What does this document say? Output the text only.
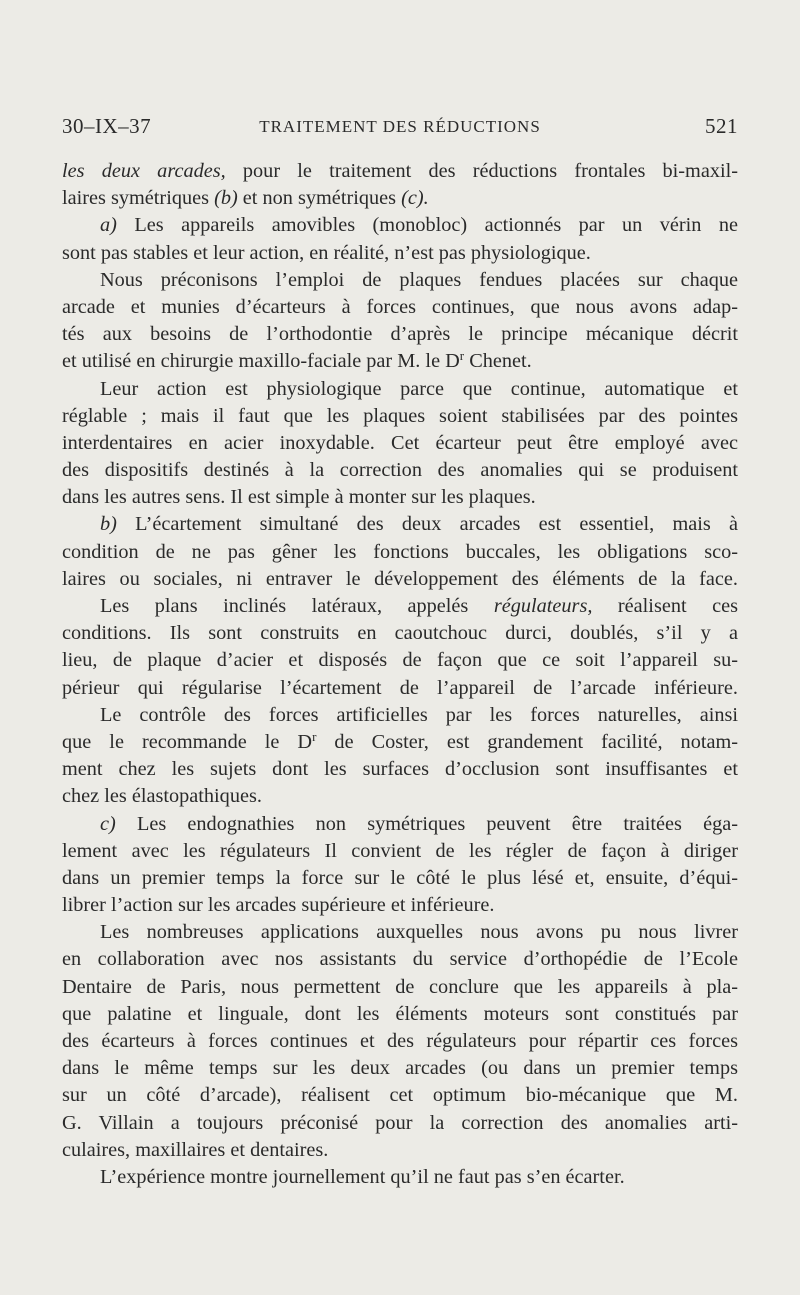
30–IX–37	TRAITEMENT DES RÉDUCTIONS	521
les deux arcades, pour le traitement des réductions frontales bi-maxil-
laires symétriques (b) et non symétriques (c).
a) Les appareils amovibles (monobloc) actionnés par un vérin ne
sont pas stables et leur action, en réalité, n’est pas physiologique.
Nous préconisons l’emploi de plaques fendues placées sur chaque
arcade et munies d’écarteurs à forces continues, que nous avons adap-
tés aux besoins de l’orthodontie d’après le principe mécanique décrit
et utilisé en chirurgie maxillo-faciale par M. le $D^r$ Chenet.
Leur action est physiologique parce que continue, automatique et
réglable ; mais il faut que les plaques soient stabilisées par des pointes
interdentaires en acier inoxydable. Cet écarteur peut être employé avec
des dispositifs destinés à la correction des anomalies qui se produisent
dans les autres sens. Il est simple à monter sur les plaques.
b) L’écartement simultané des deux arcades est essentiel, mais à
condition de ne pas gêner les fonctions buccales, les obligations sco-
laires ou sociales, ni entraver le développement des éléments de la face.
Les plans inclinés latéraux, appelés régulateurs, réalisent ces
conditions. Ils sont construits en caoutchouc durci, doublés, s’il y a
lieu, de plaque d’acier et disposés de façon que ce soit l’appareil su-
périeur qui régularise l’écartement de l’appareil de l’arcade inférieure.
Le contrôle des forces artificielles par les forces naturelles, ainsi
que le recommande le $D^r$ de Coster, est grandement facilité, notam-
ment chez les sujets dont les surfaces d’occlusion sont insuffisantes et
chez les élastopathiques.
c) Les endognathies non symétriques peuvent être traitées éga-
lement avec les régulateurs Il convient de les régler de façon à diriger
dans un premier temps la force sur le côté le plus lésé et, ensuite, d’équi-
librer l’action sur les arcades supérieure et inférieure.
Les nombreuses applications auxquelles nous avons pu nous livrer
en collaboration avec nos assistants du service d’orthopédie de l’Ecole
Dentaire de Paris, nous permettent de conclure que les appareils à pla-
que palatine et linguale, dont les éléments moteurs sont constitués par
des écarteurs à forces continues et des régulateurs pour répartir ces forces
dans le même temps sur les deux arcades (ou dans un premier temps
sur un côté d’arcade), réalisent cet optimum bio-mécanique que M.
G. Villain a toujours préconisé pour la correction des anomalies arti-
culaires, maxillaires et dentaires.
L’expérience montre journellement qu’il ne faut pas s’en écarter.
